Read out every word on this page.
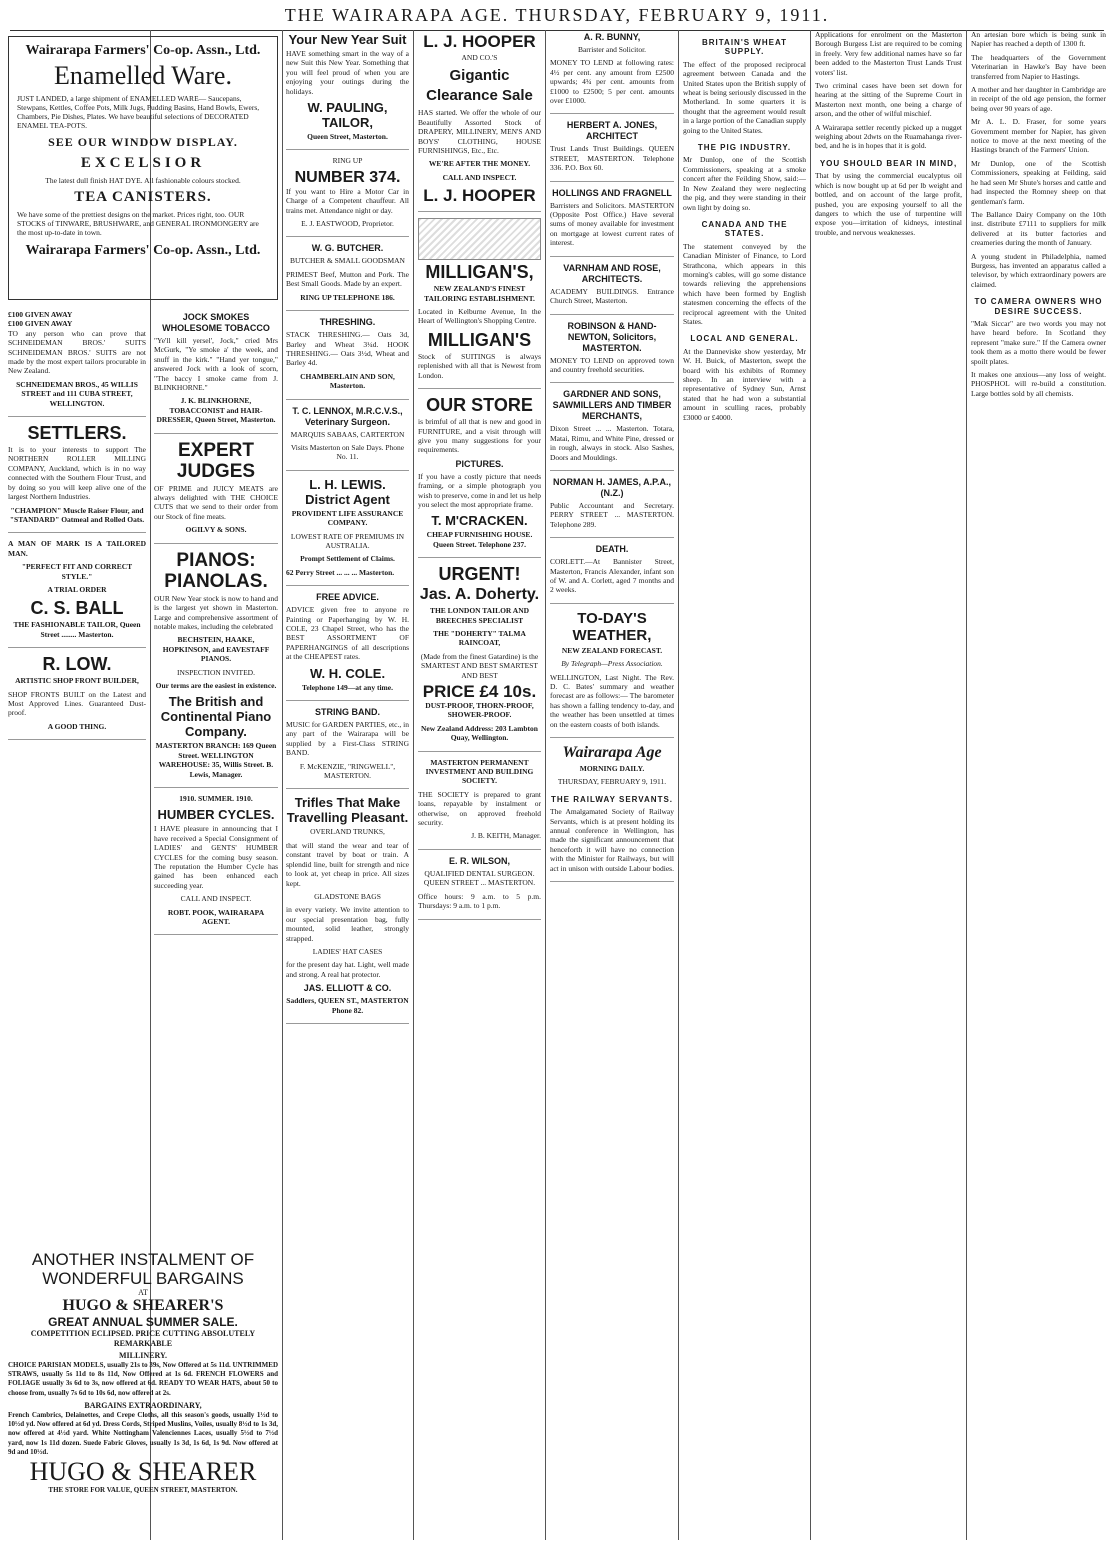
THE WAIRARAPA AGE. THURSDAY, FEBRUARY 9, 1911.
Wairarapa Farmers' Co-op. Assn., Ltd.
Enamelled Ware.
JUST LANDED, a large shipment of ENAMELLED WARE— Saucepans, Stewpans, Kettles, Coffee Pots, Milk Jugs, Pudding Basins, Hand Bowls, Ewers, Chambers, Pie Dishes, Plates. We have beautiful selections of DECORATED ENAMEL TEA-POTS.
SEE OUR WINDOW DISPLAY.
EXCELSIOR
The latest dull finish HAT DYE. All fashionable colours stocked.
TEA CANISTERS.
We have some of the prettiest designs on the market. Prices right, too. OUR STOCKS of TINWARE, BRUSHWARE, and GENERAL IRONMONGERY are the most up-to-date in town.
Wairarapa Farmers' Co-op. Assn., Ltd.
£100 GIVEN AWAY
£100 GIVEN AWAY

TO any person who can prove that SCHNEIDEMAN BROS.' SUITS SCHNEIDEMAN BROS.' SUITS are not made by the most expert tailors procurable in New Zealand.

SCHNEIDEMAN BROS., 45 WILLIS STREET and 111 CUBA STREET, WELLINGTON.

SETTLERS.

It is to your interests to support The NORTHERN ROLLER MILLING COMPANY, Auckland, which is in no way connected with the Southern Flour Trust, and by doing so you will keep alive one of the largest Northern Industries.

"CHAMPION" Muscle Raiser Flour, and "STANDARD" Oatmeal and Rolled Oats.

A MAN OF MARK IS A TAILORED MAN.

"PERFECT FIT AND CORRECT STYLE."

A TRIAL ORDER

C. S. BALL

THE FASHIONABLE TAILOR, Queen Street ........ Masterton.

R. LOW.

ARTISTIC SHOP FRONT BUILDER,

SHOP FRONTS BUILT on the Latest and Most Approved Lines. Guaranteed Dust-proof.

A GOOD THING.

ANOTHER INSTALMENT OF WONDERFUL BARGAINS
AT
HUGO & SHEARER'S
GREAT ANNUAL SUMMER SALE.
COMPETITION ECLIPSED. PRICE CUTTING ABSOLUTELY REMARKABLE
MILLINERY.

CHOICE PARISIAN MODELS, usually 21s to 39s, Now Offered at 5s 11d. UNTRIMMED STRAWS, usually 5s 11d to 8s 11d, Now Offered at 1s 6d. FRENCH FLOWERS and FOLIAGE usually 3s 6d to 3s, now offered at 6d. READY TO WEAR HATS, about 50 to choose from, usually 7s 6d to 10s 6d, now offered at 2s.

BARGAINS EXTRAORDINARY,

French Cambrics, Delainettes, and Crepe Cloths, all this season's goods, usually 1½d to 10½d yd. Now offered at 6d yd. Dress Cords, Striped Muslins, Voiles, usually 8½d to 1s 3d, now offered at 4½d yard. White Nottingham Valenciennes Laces, usually 5½d to 7½d yard, now 1s 11d dozen. Suede Fabric Gloves, usually 1s 3d, 1s 6d, 1s 9d. Now offered at 9d and 10½d.

HUGO & SHEARER
THE STORE FOR VALUE, QUEEN STREET, MASTERTON.
JOCK SMOKES WHOLESOME TOBACCO

"Ye'll kill yersel', Jock," cried Mrs McGurk, "Ye smoke a' the week, and snuff in the kirk." "Hand yer tongue," answered Jock with a look of scorn, "The baccy I smoke came from J. BLINKHORNE."

J. K. BLINKHORNE, TOBACCONIST and HAIR-DRESSER, Queen Street, Masterton.

EXPERT JUDGES

OF PRIME and JUICY MEATS are always delighted with THE CHOICE CUTS that we send to their order from our Stock of fine meats.

OGILVY & SONS.

PIANOS: PIANOLAS.

OUR New Year stock is now to hand and is the largest yet shown in Masterton. Large and comprehensive assortment of notable makes, including the celebrated

BECHSTEIN, HAAKE, HOPKINSON, and EAVESTAFF PIANOS.

INSPECTION INVITED.

Our terms are the easiest in existence.

The British and Continental Piano Company.

MASTERTON BRANCH: 169 Queen Street. WELLINGTON WAREHOUSE: 35, Willis Street. B. Lewis, Manager.

1910. SUMMER. 1910.

HUMBER CYCLES.

I HAVE pleasure in announcing that I have received a Special Consignment of LADIES' and GENTS' HUMBER CYCLES for the coming busy season. The reputation the Humber Cycle has gained has been enhanced each succeeding year.

CALL AND INSPECT.

ROBT. POOK, WAIRARAPA AGENT.

Your New Year Suit

HAVE something smart in the way of a new Suit this New Year. Something that you will feel proud of when you are enjoying your outings during the holidays.

W. PAULING, TAILOR,

Queen Street, Masterton.

RING UP

NUMBER 374.

If you want to Hire a Motor Car in Charge of a Competent chauffeur. All trains met. Attendance night or day.

E. J. EASTWOOD, Proprietor.

W. G. BUTCHER.

BUTCHER & SMALL GOODSMAN

PRIMEST Beef, Mutton and Pork. The Best Small Goods. Made by an expert.

RING UP TELEPHONE 186.

THRESHING.

STACK THRESHING.— Oats 3d, Barley and Wheat 3¼d. HOOK THRESHING.— Oats 3½d, Wheat and Barley 4d.

CHAMBERLAIN AND SON, Masterton.

T. C. LENNOX, M.R.C.V.S., Veterinary Surgeon.

MARQUIS SABAAS, CARTERTON

Visits Masterton on Sale Days. Phone No. 11.

L. H. LEWIS. District Agent

PROVIDENT LIFE ASSURANCE COMPANY.

LOWEST RATE OF PREMIUMS IN AUSTRALIA.

Prompt Settlement of Claims.

62 Perry Street ... ... ... Masterton.

FREE ADVICE.

ADVICE given free to anyone re Painting or Paperhanging by W. H. COLE, 23 Chapel Street, who has the BEST ASSORTMENT OF PAPERHANGINGS of all descriptions at the CHEAPEST rates.

W. H. COLE.

Telephone 149—at any time.

STRING BAND.

MUSIC for GARDEN PARTIES, etc., in any part of the Wairarapa will be supplied by a First-Class STRING BAND.

F. McKENZIE, "RINGWELL", MASTERTON.

Trifles That Make Travelling Pleasant.

OVERLAND TRUNKS,

that will stand the wear and tear of constant travel by boat or train. A splendid line, built for strength and nice to look at, yet cheap in price. All sizes kept.

GLADSTONE BAGS

in every variety. We invite attention to our special presentation bag, fully mounted, solid leather, strongly strapped.

LADIES' HAT CASES

for the present day hat. Light, well made and strong. A real hat protector.

JAS. ELLIOTT & CO.

Saddlers, QUEEN ST., MASTERTON Phone 82.

L. J. HOOPER

AND CO.'S

Gigantic Clearance Sale

HAS started. We offer the whole of our Beautifully Assorted Stock of DRAPERY, MILLINERY, MEN'S AND BOYS' CLOTHING, HOUSE FURNISHINGS, Etc., Etc.

WE'RE AFTER THE MONEY.

CALL AND INSPECT.

L. J. HOOPER
MILLIGAN'S,

NEW ZEALAND'S FINEST TAILORING ESTABLISHMENT.

Located in Kelburne Avenue, In the Heart of Wellington's Shopping Centre.

MILLIGAN'S

Stock of SUITINGS is always replenished with all that is Newest from London.

OUR STORE

is brimful of all that is new and good in FURNITURE, and a visit through will give you many suggestions for your requirements.

PICTURES.

If you have a costly picture that needs framing, or a simple photograph you wish to preserve, come in and let us help you select the most appropriate frame.

T. M'CRACKEN.

CHEAP FURNISHING HOUSE. Queen Street. Telephone 237.

URGENT!
Jas. A. Doherty.

THE LONDON TAILOR AND BREECHES SPECIALIST

THE "DOHERTY" TALMA RAINCOAT,

(Made from the finest Gatardine) is the SMARTEST AND BEST SMARTEST AND BEST

PRICE £4 10s.

DUST-PROOF, THORN-PROOF, SHOWER-PROOF.

New Zealand Address: 203 Lambton Quay, Wellington.

MASTERTON PERMANENT INVESTMENT AND BUILDING SOCIETY.

THE SOCIETY is prepared to grant loans, repayable by instalment or otherwise, on approved freehold security.

J. B. KEITH, Manager.

E. R. WILSON,

QUALIFIED DENTAL SURGEON. QUEEN STREET ... MASTERTON.

Office hours: 9 a.m. to 5 p.m. Thursdays: 9 a.m. to 1 p.m.

A. R. BUNNY,

Barrister and Solicitor.

MONEY TO LEND at following rates: 4½ per cent. any amount from £2500 upwards; 4¾ per cent. amounts from £1000 to £2500; 5 per cent. amounts over £1000.

HERBERT A. JONES, ARCHITECT

Trust Lands Trust Buildings. QUEEN STREET, MASTERTON. Telephone 336. P.O. Box 60.

HOLLINGS AND FRAGNELL

Barristers and Solicitors. MASTERTON (Opposite Post Office.) Have several sums of money available for investment on mortgage at lowest current rates of interest.

VARNHAM AND ROSE, ARCHITECTS.

ACADEMY BUILDINGS. Entrance Church Street, Masterton.

ROBINSON & HAND-NEWTON, Solicitors, MASTERTON.

MONEY TO LEND on approved town and country freehold securities.

GARDNER AND SONS, SAWMILLERS AND TIMBER MERCHANTS,

Dixon Street ... ... Masterton. Totara, Matai, Rimu, and White Pine, dressed or in rough, always in stock. Also Sashes, Doors and Mouldings.

NORMAN H. JAMES, A.P.A., (N.Z.)

Public Accountant and Secretary. PERRY STREET ... MASTERTON. Telephone 289.

DEATH.

CORLETT.—At Bannister Street, Masterton, Francis Alexander, infant son of W. and A. Corlett, aged 7 months and 2 weeks.

TO-DAY'S WEATHER,

NEW ZEALAND FORECAST.

By Telegraph—Press Association.

WELLINGTON, Last Night. The Rev. D. C. Bates' summary and weather forecast are as follows:— The barometer has shown a falling tendency to-day, and the weather has been unsettled at times on the eastern coasts of both islands.

Wairarapa Age

MORNING DAILY.

THURSDAY, FEBRUARY 9, 1911.

THE RAILWAY SERVANTS.

The Amalgamated Society of Railway Servants, which is at present holding its annual conference in Wellington, has made the significant announcement that henceforth it will have no connection with the Minister for Railways, but will act in unison with outside Labour bodies.

BRITAIN'S WHEAT SUPPLY.

The effect of the proposed reciprocal agreement between Canada and the United States upon the British supply of wheat is being seriously discussed in the Motherland. In some quarters it is thought that the agreement would result in a large portion of the Canadian supply going to the United States.

THE PIG INDUSTRY.

Mr Dunlop, one of the Scottish Commissioners, speaking at a smoke concert after the Feilding Show, said:— In New Zealand they were neglecting the pig, and they were standing in their own light by doing so.

CANADA AND THE STATES.

The statement conveyed by the Canadian Minister of Finance, to Lord Strathcona, which appears in this morning's cables, will go some distance towards relieving the apprehensions which have been formed by English statesmen concerning the effects of the reciprocal agreement with the United States.

LOCAL AND GENERAL.

At the Danneviske show yesterday, Mr W. H. Buick, of Masterton, swept the board with his exhibits of Romney sheep. In an interview with a representative of Sydney Sun, Arnst stated that he had won a substantial amount in sculling races, probably £3000 or £4000.

Applications for enrolment on the Masterton Borough Burgess List are required to be coming in freely. Very few additional names have so far been added to the Masterton Trust Lands Trust voters' list.

Two criminal cases have been set down for hearing at the sitting of the Supreme Court in Masterton next month, one being a charge of arson, and the other of wilful mischief.

A Wairarapa settler recently picked up a nugget weighing about 2dwts on the Ruamahanga river-bed, and he is in hopes that it is gold.

YOU SHOULD BEAR IN MIND,

That by using the commercial eucalyptus oil which is now bought up at 6d per lb weight and bottled, and on account of the large profit, pushed, you are exposing yourself to all the dangers to which the use of turpentine will expose you—irritation of kidneys, intestinal trouble, and nervous weaknesses.

An artesian bore which is being sunk in Napier has reached a depth of 1300 ft.

The headquarters of the Government Veterinarian in Hawke's Bay have been transferred from Napier to Hastings.

A mother and her daughter in Cambridge are in receipt of the old age pension, the former being over 90 years of age.

Mr A. L. D. Fraser, for some years Government member for Napier, has given notice to move at the next meeting of the Hastings branch of the Farmers' Union.

Mr Dunlop, one of the Scottish Commissioners, speaking at Feilding, said he had seen Mr Shute's horses and cattle and had inspected the Romney sheep on that gentleman's farm.

The Ballance Dairy Company on the 10th inst. distribute £7111 to suppliers for milk delivered at its butter factories and creameries during the month of January.

A young student in Philadelphia, named Burgess, has invented an apparatus called a televisor, by which extraordinary powers are claimed.

TO CAMERA OWNERS WHO DESIRE SUCCESS.

"Mak Siccar" are two words you may not have heard before. In Scotland they represent "make sure." If the Camera owner took them as a motto there would be fewer spoilt plates.

It makes one anxious—any loss of weight. PHOSPHOL will re-build a constitution. Large bottles sold by all chemists.
